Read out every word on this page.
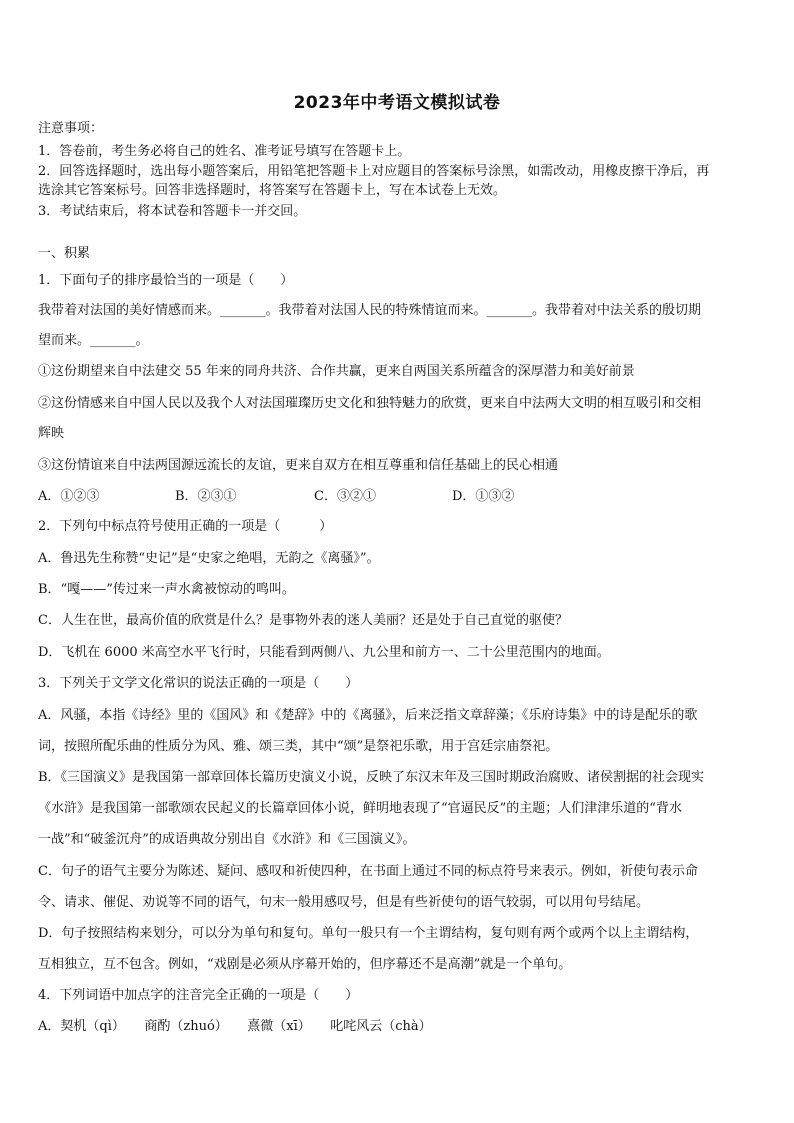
2023年中考语文模拟试卷
注意事项：
1．答卷前，考生务必将自己的姓名、准考证号填写在答题卡上。
2．回答选择题时，选出每小题答案后，用铅笔把答题卡上对应题目的答案标号涂黑，如需改动，用橡皮擦干净后，再
选涂其它答案标号。回答非选择题时，将答案写在答题卡上，写在本试卷上无效。
3．考试结束后，将本试卷和答题卡一并交回。
一、积累
1．下面句子的排序最恰当的一项是（　　）
我带着对法国的美好情感而来。_______。我带着对法国人民的特殊情谊而来。_______。我带着对中法关系的殷切期
望而来。_______。
①这份期望来自中法建交 55 年来的同舟共济、合作共赢，更来自两国关系所蕴含的深厚潜力和美好前景
②这份情感来自中国人民以及我个人对法国璀璨历史文化和独特魅力的欣赏，更来自中法两大文明的相互吸引和交相
辉映
③这份情谊来自中法两国源远流长的友谊，更来自双方在相互尊重和信任基础上的民心相通
A．①②③	B．②③①	C．③②①	D．①③②
2．下列句中标点符号使用正确的一项是（　　　）
A．鲁迅先生称赞“史记”是“史家之绝唱，无韵之《离骚》”。
B．“嘎——”传过来一声水禽被惊动的鸣叫。
C．人生在世，最高价值的欣赏是什么？是事物外表的迷人美丽？还是处于自己直觉的驱使？
D．飞机在 6000 米高空水平飞行时，只能看到两侧八、九公里和前方一、二十公里范围内的地面。
3．下列关于文学文化常识的说法正确的一项是（　　）
A．风骚，本指《诗经》里的《国风》和《楚辞》中的《离骚》，后来泛指文章辞藻；《乐府诗集》中的诗是配乐的歌
词，按照所配乐曲的性质分为风、雅、颂三类，其中“颂”是祭祀乐歌，用于宫廷宗庙祭祀。
B．《三国演义》是我国第一部章回体长篇历史演义小说，反映了东汉末年及三国时期政治腐败、诸侯割据的社会现实
《水浒》是我国第一部歌颂农民起义的长篇章回体小说，鲜明地表现了“官逼民反”的主题；人们津津乐道的“背水
一战”和“破釜沉舟”的成语典故分别出自《水浒》和《三国演义》。
C．句子的语气主要分为陈述、疑问、感叹和祈使四种，在书面上通过不同的标点符号来表示。例如，祈使句表示命
令、请求、催促、劝说等不同的语气，句末一般用感叹号，但是有些祈使句的语气较弱，可以用句号结尾。
D．句子按照结构来划分，可以分为单句和复句。单句一般只有一个主谓结构，复句则有两个或两个以上主谓结构，
互相独立，互不包含。例如，“戏剧是必须从序幕开始的，但序幕还不是高潮”就是一个单句。
4．下列词语中加点字的注音完全正确的一项是（　　）
A．契机（qì）　　商酌（zhuó）　　熹微（xī）　　叱咤风云（chà）
